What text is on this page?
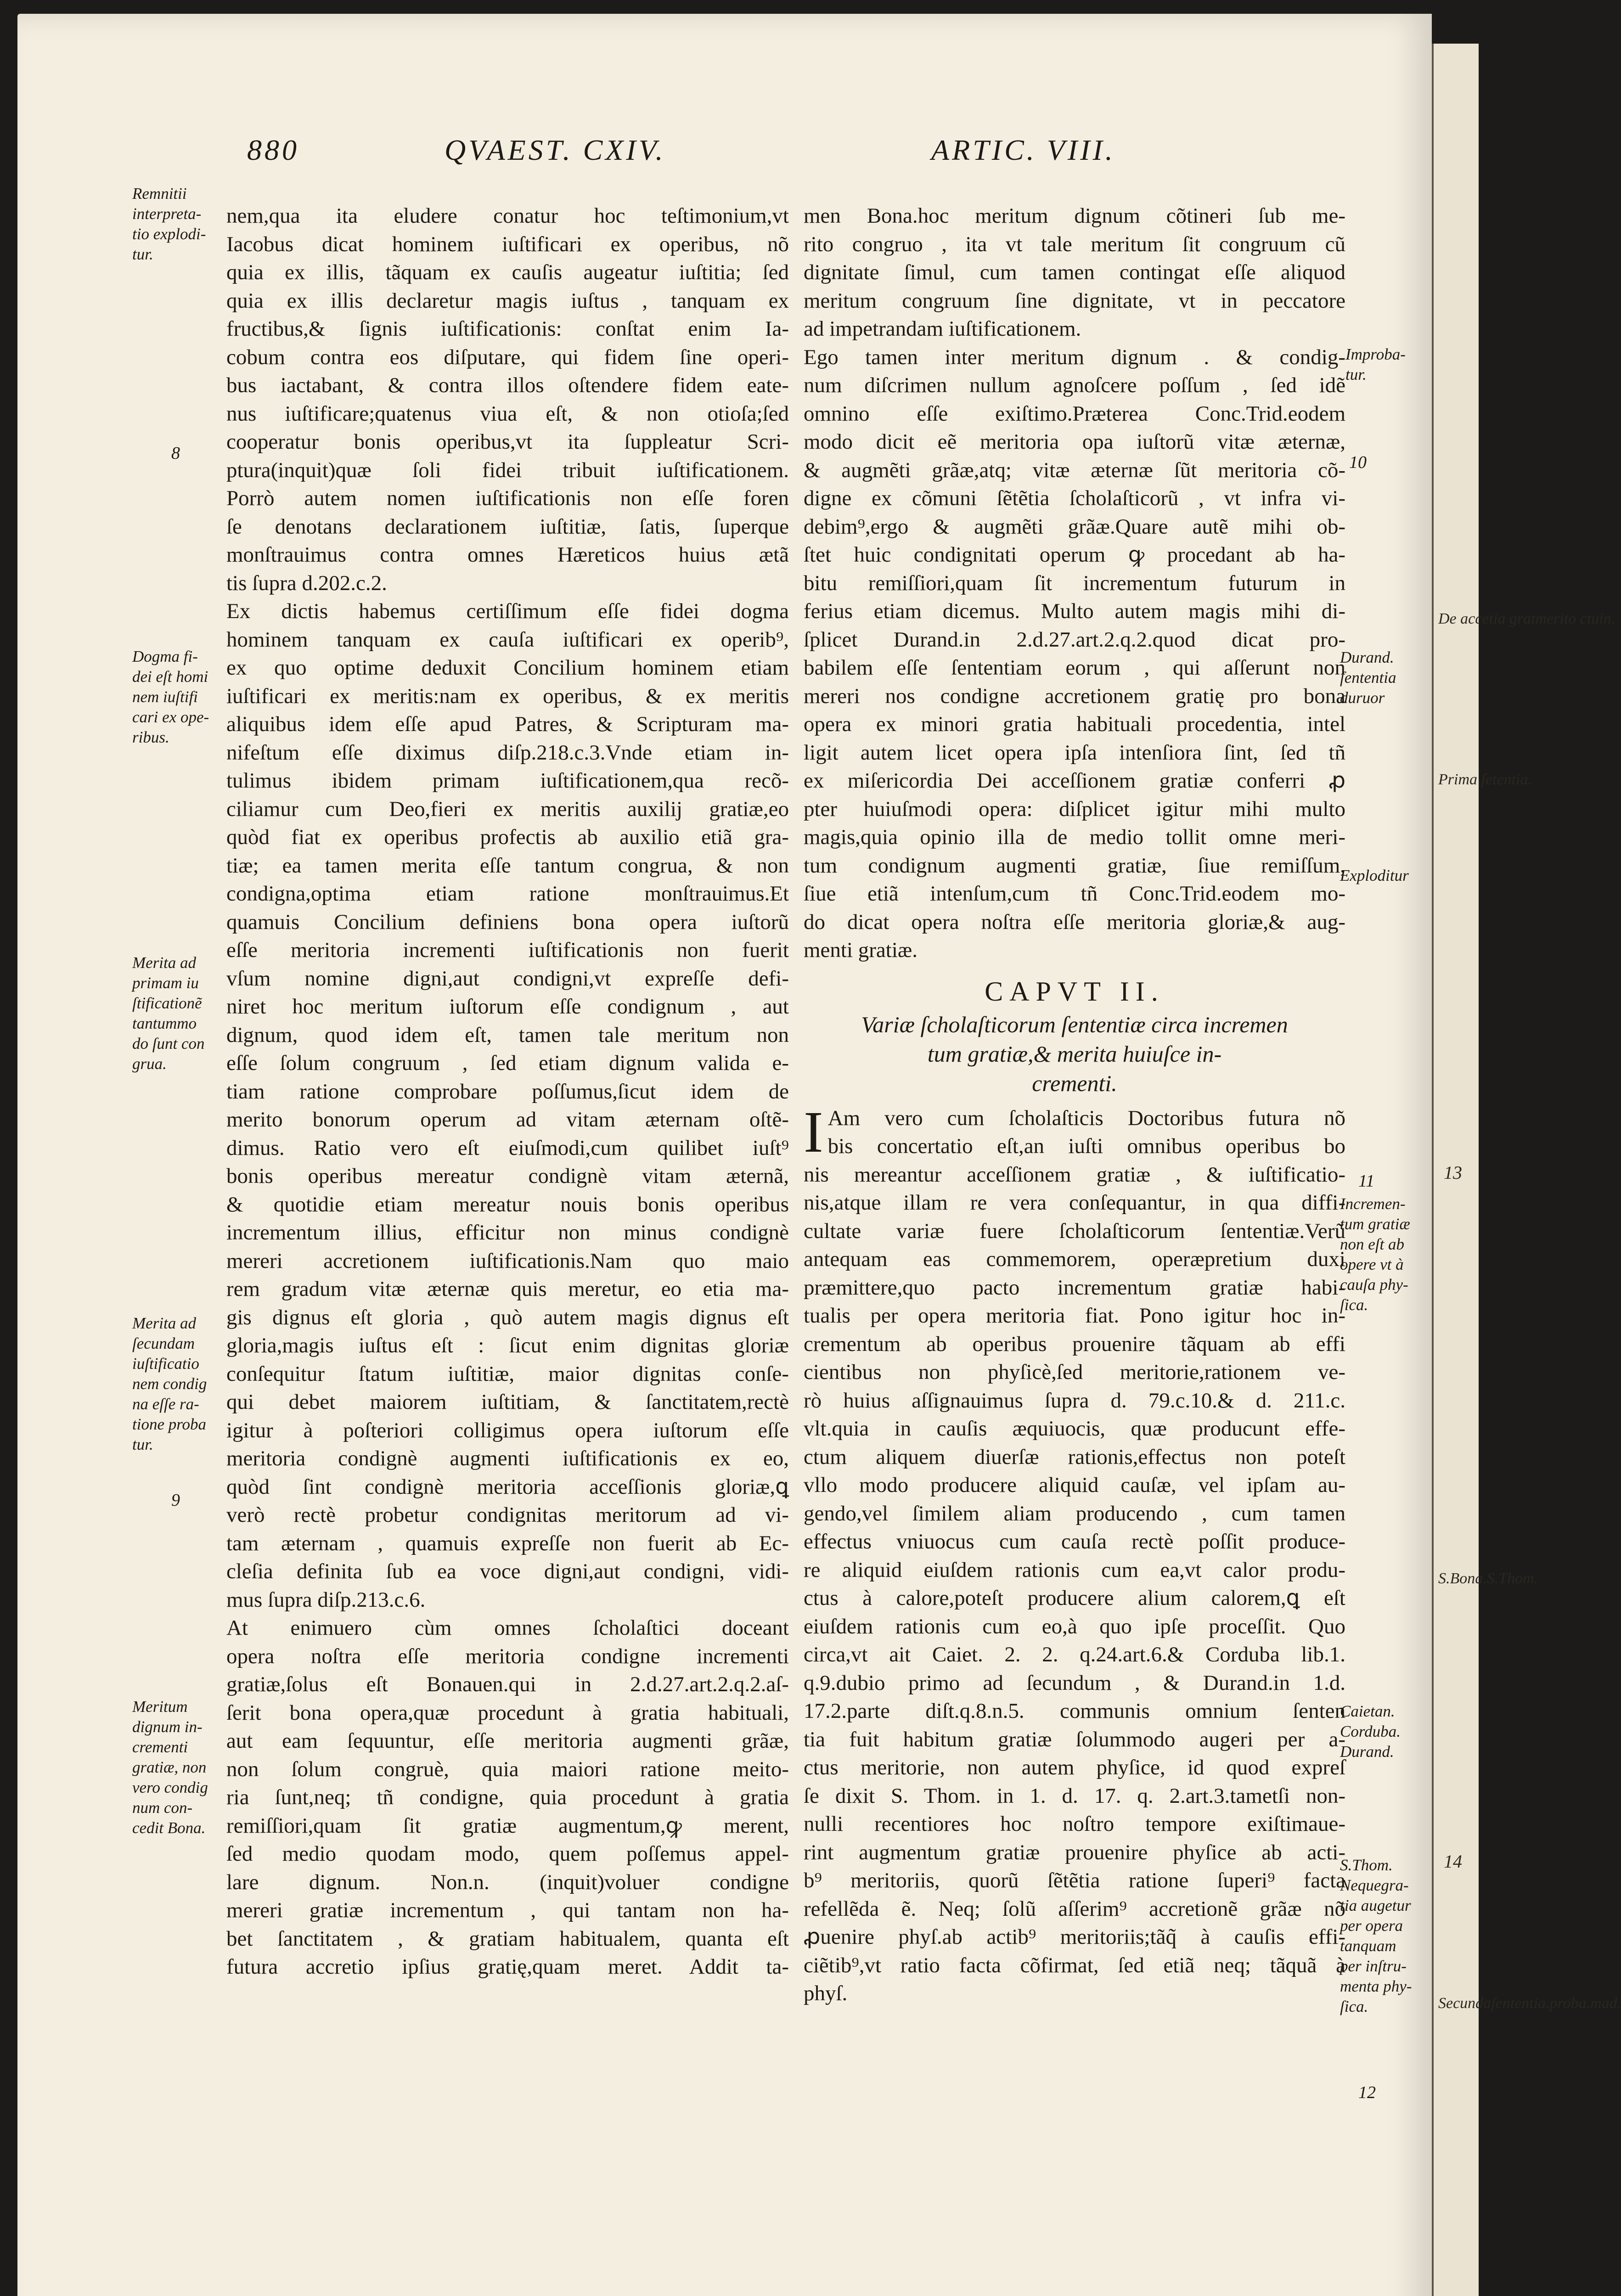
880	QVAEST. CXIV.	ARTIC. VIII.
nem,qua ita eludere conatur hoc teſtimonium,vt
Iacobus dicat hominem iuſtificari ex operibus, nõ
quia ex illis, tãquam ex cauſis augeatur iuſtitia; ſed
quia ex illis declaretur magis iuſtus , tanquam ex
fructibus,& ſignis iuſtificationis: conſtat enim Ia-
cobum contra eos diſputare, qui fidem ſine operi-
bus iactabant, & contra illos oſtendere fidem eate-
nus iuſtificare;quatenus viua eſt, & non otioſa;ſed
cooperatur bonis operibus,vt ita ſuppleatur Scri-
ptura(inquit)quæ ſoli fidei tribuit iuſtificationem.
Porrò autem nomen iuſtificationis non eſſe foren
ſe denotans declarationem iuſtitiæ, ſatis, ſuperque
monſtrauimus contra omnes Hæreticos huius ætã
tis ſupra d.202.c.2.
Ex dictis habemus certiſſimum eſſe fidei dogma
hominem tanquam ex cauſa iuſtificari ex operib⁹,
ex quo optime deduxit Concilium hominem etiam
iuſtificari ex meritis:nam ex operibus, & ex meritis
aliquibus idem eſſe apud Patres, & Scripturam ma-
nifeſtum eſſe diximus diſp.218.c.3.Vnde etiam in-
tulimus ibidem primam iuſtificationem,qua recõ-
ciliamur cum Deo,fieri ex meritis auxilij gratiæ,eo
quòd fiat ex operibus profectis ab auxilio etiã gra-
tiæ; ea tamen merita eſſe tantum congrua, & non
condigna,optima etiam ratione monſtrauimus.Et
quamuis Concilium definiens bona opera iuſtorũ
eſſe meritoria incrementi iuſtificationis non fuerit
vſum nomine digni,aut condigni,vt expreſſe defi-
niret hoc meritum iuſtorum eſſe condignum , aut
dignum, quod idem eſt, tamen tale meritum non
eſſe ſolum congruum , ſed etiam dignum valida e-
tiam ratione comprobare poſſumus,ſicut idem de
merito bonorum operum ad vitam æternam oſtẽ-
dimus. Ratio vero eſt eiuſmodi,cum quilibet iuſt⁹
bonis operibus mereatur condignè vitam æternã,
& quotidie etiam mereatur nouis bonis operibus
incrementum illius, efficitur non minus condignè
mereri accretionem iuſtificationis.Nam quo maio
rem gradum vitæ æternæ quis meretur, eo etia ma-
gis dignus eſt gloria , quò autem magis dignus eſt
gloria,magis iuſtus eſt : ſicut enim dignitas gloriæ
conſequitur ſtatum iuſtitiæ, maior dignitas conſe-
qui debet maiorem iuſtitiam, & ſanctitatem,rectè
igitur à poſteriori colligimus opera iuſtorum eſſe
meritoria condignè augmenti iuſtificationis ex eo,
quòd ſint condignè meritoria acceſſionis gloriæ,ꝗ
verò rectè probetur condignitas meritorum ad vi-
tam æternam , quamuis expreſſe non fuerit ab Ec-
cleſia definita ſub ea voce digni,aut condigni, vidi-
mus ſupra diſp.213.c.6.
At enimuero cùm omnes ſcholaſtici doceant
opera noſtra eſſe meritoria condigne incrementi
gratiæ,ſolus eſt Bonauen.qui in 2.d.27.art.2.q.2.aſ-
ſerit bona opera,quæ procedunt à gratia habituali,
aut eam ſequuntur, eſſe meritoria augmenti grãæ,
non ſolum congruè, quia maiori ratione meito-
ria ſunt,neq; tñ condigne, quia procedunt à gratia
remiſſiori,quam ſit gratiæ augmentum,ꝙ merent,
ſed medio quodam modo, quem poſſemus appel-
lare dignum. Non.n. (inquit)voluer condigne
mereri gratiæ incrementum , qui tantam non ha-
bet ſanctitatem , & gratiam habitualem, quanta eſt
futura accretio ipſius gratię,quam meret. Addit ta-
men Bona.hoc meritum dignum cõtineri ſub me-
rito congruo , ita vt tale meritum ſit congruum cũ
dignitate ſimul, cum tamen contingat eſſe aliquod
meritum congruum ſine dignitate, vt in peccatore
ad impetrandam iuſtificationem.
Ego tamen inter meritum dignum . & condig-
num diſcrimen nullum agnoſcere poſſum , ſed idẽ
omnino eſſe exiſtimo.Præterea Conc.Trid.eodem
modo dicit eẽ meritoria opa iuſtorũ vitæ æternæ,
& augmẽti grãæ,atq; vitæ æternæ ſũt meritoria cõ-
digne ex cõmuni ſẽtẽtia ſcholaſticorũ , vt infra vi-
debim⁹,ergo & augmẽti grãæ.Quare autẽ mihi ob-
ſtet huic condignitati operum ꝙ procedant ab ha-
bitu remiſſiori,quam ſit incrementum futurum in
ferius etiam dicemus. Multo autem magis mihi di-
ſplicet Durand.in 2.d.27.art.2.q.2.quod dicat pro-
babilem eſſe ſententiam eorum , qui aſſerunt non
mereri nos condigne accretionem gratię pro bona
opera ex minori gratia habituali procedentia, intel
ligit autem licet opera ipſa intenſiora ſint, ſed tñ
ex miſericordia Dei acceſſionem gratiæ conferri ꝓ
pter huiuſmodi opera: diſplicet igitur mihi multo
magis,quia opinio illa de medio tollit omne meri-
tum condignum augmenti gratiæ, ſiue remiſſum,
ſiue etiã intenſum,cum tñ Conc.Trid.eodem mo-
do dicat opera noſtra eſſe meritoria gloriæ,& aug-
menti gratiæ.
CAPVT II.
Variæ ſcholaſticorum ſententiæ circa incremen
tum gratiæ,& merita huiuſce in-
crementi.
I Am vero cum ſcholaſticis Doctoribus futura nõ
bis concertatio eſt,an iuſti omnibus operibus bo
nis mereantur acceſſionem gratiæ , & iuſtificatio-
nis,atque illam re vera conſequantur, in qua diffi-
cultate variæ fuere ſcholaſticorum ſententiæ.Verũ
antequam eas commemorem, operæpretium duxi
præmittere,quo pacto incrementum gratiæ habi-
tualis per opera meritoria fiat. Pono igitur hoc in-
crementum ab operibus prouenire tãquam ab effi
cientibus non phyſicè,ſed meritorie,rationem ve-
rò huius aſſignauimus ſupra d. 79.c.10.& d. 211.c.
vlt.quia in cauſis æquiuocis, quæ producunt effe-
ctum aliquem diuerſæ rationis,effectus non poteſt
vllo modo producere aliquid cauſæ, vel ipſam au-
gendo,vel ſimilem aliam producendo , cum tamen
effectus vniuocus cum cauſa rectè poſſit produce-
re aliquid eiuſdem rationis cum ea,vt calor produ-
ctus à calore,poteſt producere alium calorem,ꝗ eſt
eiuſdem rationis cum eo,à quo ipſe proceſſit. Quo
circa,vt ait Caiet. 2. 2. q.24.art.6.& Corduba lib.1.
q.9.dubio primo ad ſecundum , & Durand.in 1.d.
17.2.parte diſt.q.8.n.5. communis omnium ſenten
tia fuit habitum gratiæ ſolummodo augeri per a-
ctus meritorie, non autem phyſice, id quod expreſ
ſe dixit S. Thom. in 1. d. 17. q. 2.art.3.tametſi non-
nulli recentiores hoc noſtro tempore exiſtimaue-
rint augmentum gratiæ prouenire phyſice ab acti-
b⁹ meritoriis, quorũ ſẽtẽtia ratione ſuperi⁹ facta
refellẽda ẽ. Neq; ſolũ aſſerim⁹ accretionẽ grãæ nõ
ꝓuenire phyſ.ab actib⁹ meritoriis;tãq̃ à cauſis effi-
ciẽtib⁹,vt ratio facta cõfirmat, ſed etiã neq; tãquã à
phyſ.
Remnitii
interpreta-
tio explodi-
tur.
8
Dogma fi-
dei eſt homi
nem iuſtifi
cari ex ope-
ribus.
Merita ad
primam iu
ſtificationẽ
tantummo
do ſunt con
grua.
Merita ad
ſecundam
iuſtificatio
nem condig
na eſſe ra-
tione proba
tur.
9
Meritum
dignum in-
crementi
gratiæ, non
vero condig
num con-
cedit Bona.
Improba-
tur.
10
Durand.
ſententia
duruor
Exploditur
11
Incremen-
tum gratiæ
non eſt ab
opere vt à
cauſa phy-
ſica.
Caietan.
Corduba.
Durand.
S.Thom.
Nequegra-
tia augetur
per opera
tanquam
per inſtru-
menta phy-
ſica.
12
De accetia gratmerito ctuin.
Prima ſetentia.
13
S.Bona.S.Thom.
14
Secundaſententia.proba.mad.
